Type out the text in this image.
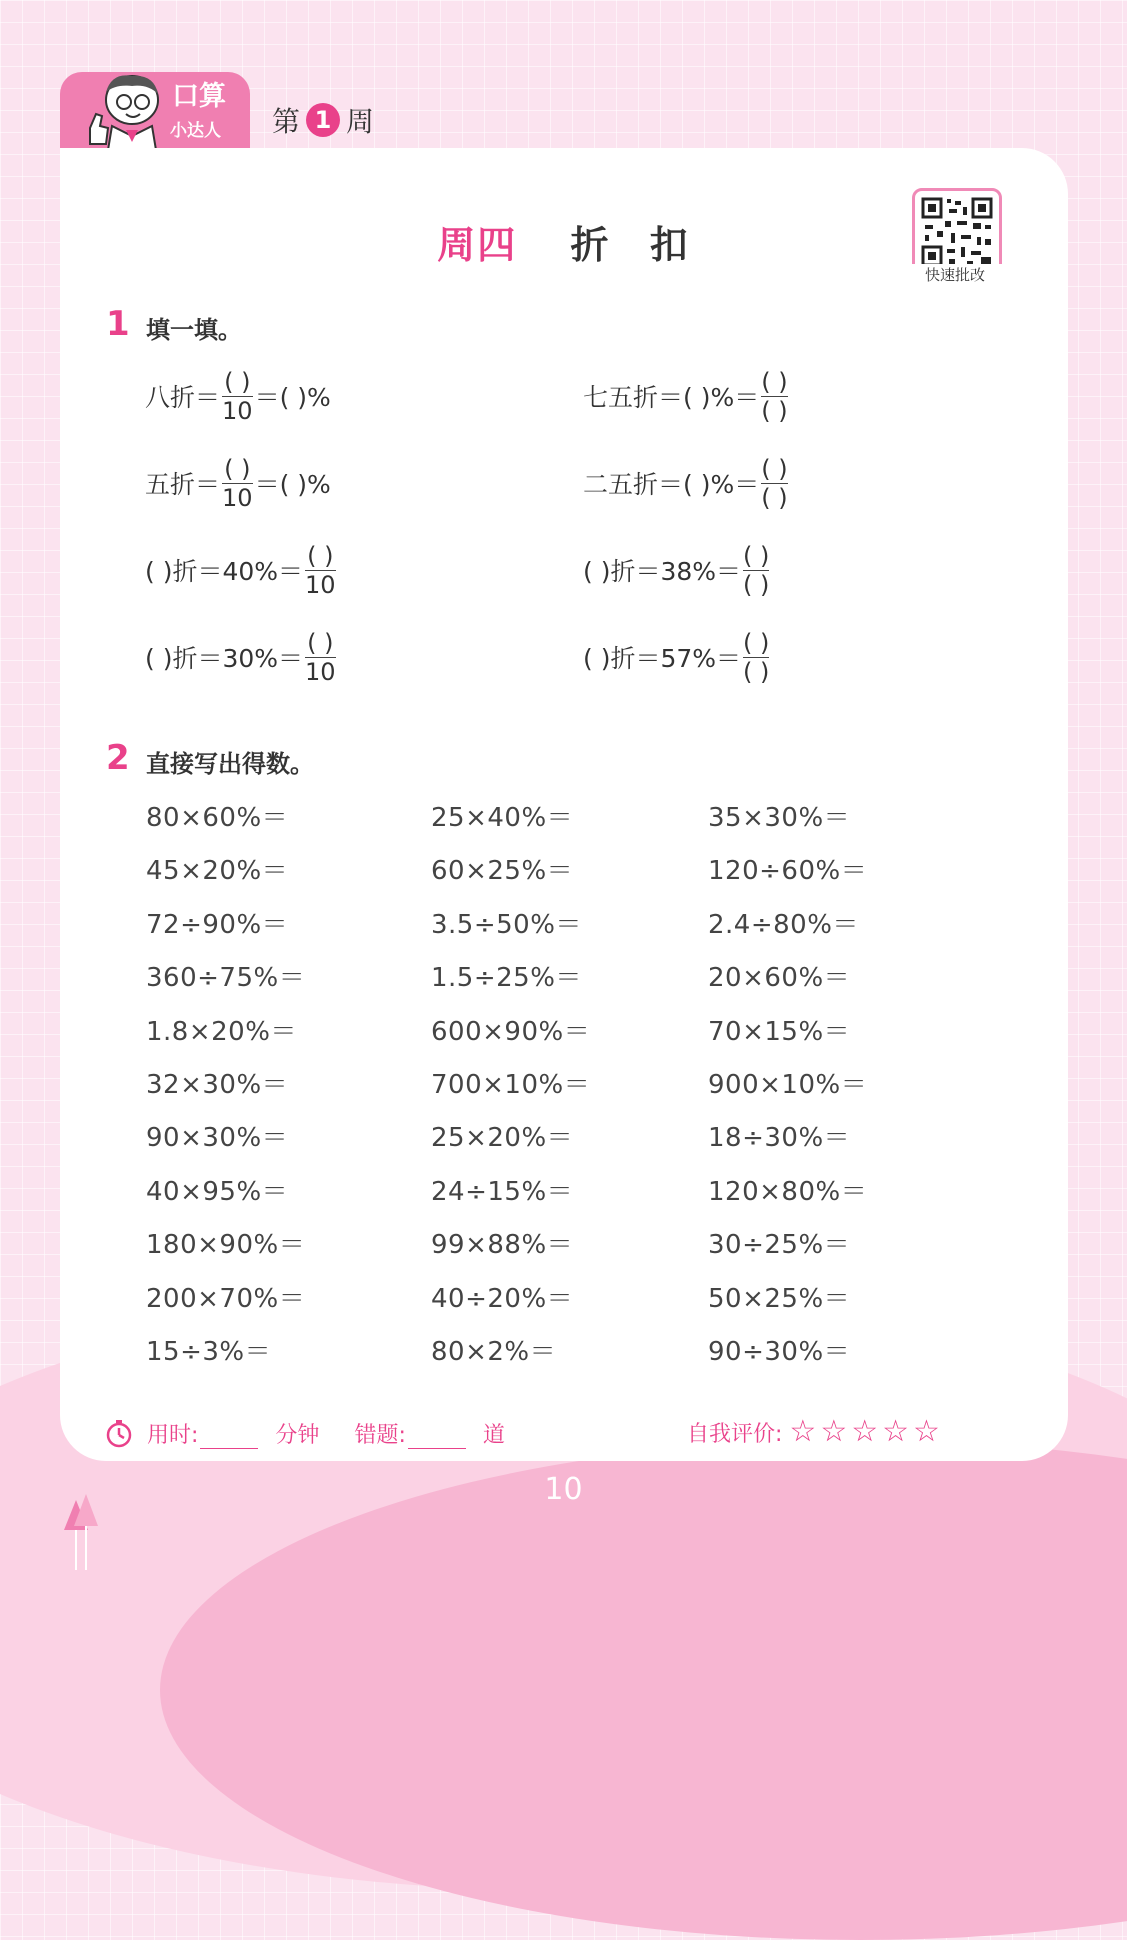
口算
小达人 第 1 周
周四 折 扣
快速批改
1 填一填。
八折＝ $\frac{( )}{10}$ ＝( )%	七五折＝( )%＝ $\frac{( )}{( )}$
五折＝ $\frac{( )}{10}$ ＝( )%	二五折＝( )%＝ $\frac{( )}{( )}$
( )折$=40\%= \frac{( )}{10}$	( )折$=38\%= \frac{( )}{( )}$
( )折$=30\%= \frac{( )}{10}$	( )折$=57\%= \frac{( )}{( )}$
2 直接写出得数。
80×60%＝	25×40%＝	35×30%＝
45×20%＝	60×25%＝	120÷60%＝
72÷90%＝	3.5÷50%＝	2.4÷80%＝
360÷75%＝	1.5÷25%＝	20×60%＝
1.8×20%＝	600×90%＝	70×15%＝
32×30%＝	700×10%＝	900×10%＝
90×30%＝	25×20%＝	18÷30%＝
40×95%＝	24÷15%＝	120×80%＝
180×90%＝	99×88%＝	30÷25%＝
200×70%＝	40÷20%＝	50×25%＝
15÷3%＝	80×2%＝	90÷30%＝
用时:	分钟 错题:	道	自我评价: ☆☆☆☆☆
10
